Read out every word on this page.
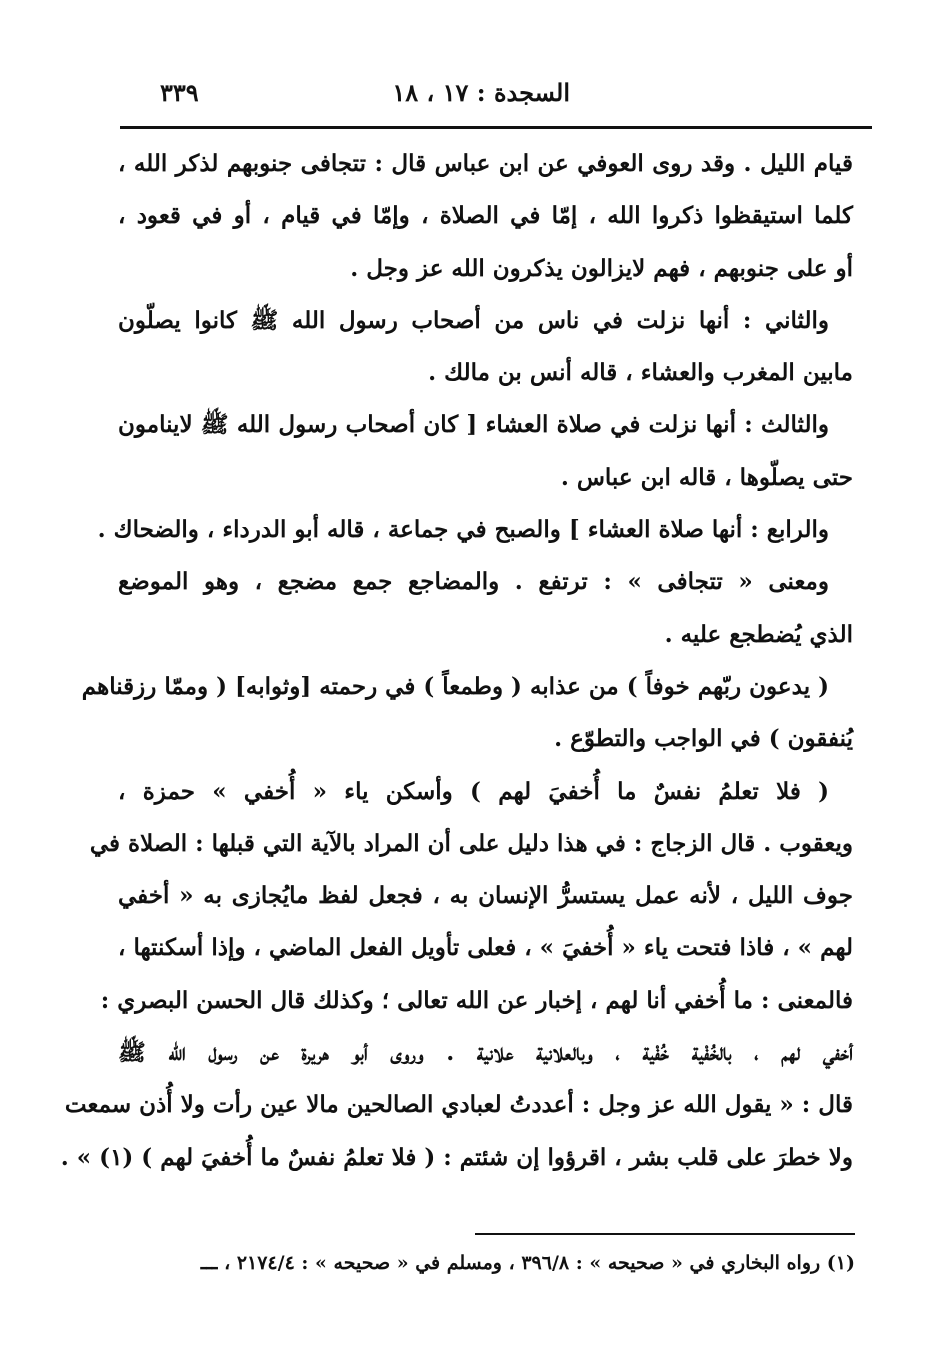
السجدة : ١٧ ، ١٨
٣٣٩
قيام الليل . وقد روى العوفي عن ابن عباس قال : تتجافى جنوبهم لذكر الله ،
كلما استيقظوا ذكروا الله ، إمّا في الصلاة ، وإمّا في قيام ، أو في قعود ،
أو على جنوبهم ، فهم لايزالون يذكرون الله عز وجل .
والثاني : أنها نزلت في ناس من أصحاب رسول الله ﷺ كانوا يصلّون
مابين المغرب والعشاء ، قاله أنس بن مالك .
والثالث : أنها نزلت في صلاة العشاء [ كان أصحاب رسول الله ﷺ لاينامون
حتى يصلّوها ، قاله ابن عباس .
والرابع : أنها صلاة العشاء ] والصبح في جماعة ، قاله أبو الدرداء ، والضحاك .
ومعنى « تتجافى » : ترتفع . والمضاجع جمع مضجع ، وهو الموضع
الذي يُضطجع عليه .
( يدعون ربّهم خوفاً ) من عذابه ( وطمعاً ) في رحمته [وثوابه] ( وممّا رزقناهم
يُنفقون ) في الواجب والتطوّع .
( فلا تعلمُ نفسٌ ما أُخفيَ لهم ) وأسكن ياء « أُخفي » حمزة ،
ويعقوب . قال الزجاج : في هذا دليل على أن المراد بالآية التي قبلها : الصلاة في
جوف الليل ، لأنه عمل يستسرُّ الإنسان به ، فجعل لفظ مايُجازى به « أخفي
لهم » ، فاذا فتحت ياء « أُخفيَ » ، فعلى تأويل الفعل الماضي ، وإذا أسكنتها ،
فالمعنى : ما أُخفي أنا لهم ، إخبار عن الله تعالى ؛ وكذلك قال الحسن البصري :
أخفي لهم ، بالخُفْية خُفْية ، وبالعلانية علانية . وروى أبو هريرة عن رسول الله ﷺ
قال : « يقول الله عز وجل : أعددتُ لعبادي الصالحين مالا عين رأت ولا أُذن سمعت
ولا خطرَ على قلب بشر ، اقرؤوا إن شئتم : ( فلا تعلمُ نفسٌ ما أُخفيَ لهم ) (١) » .
(١) رواه البخاري في « صحيحه » : ٣٩٦/٨ ، ومسلم في « صحيحه » : ٢١٧٤/٤ ، ـــ
